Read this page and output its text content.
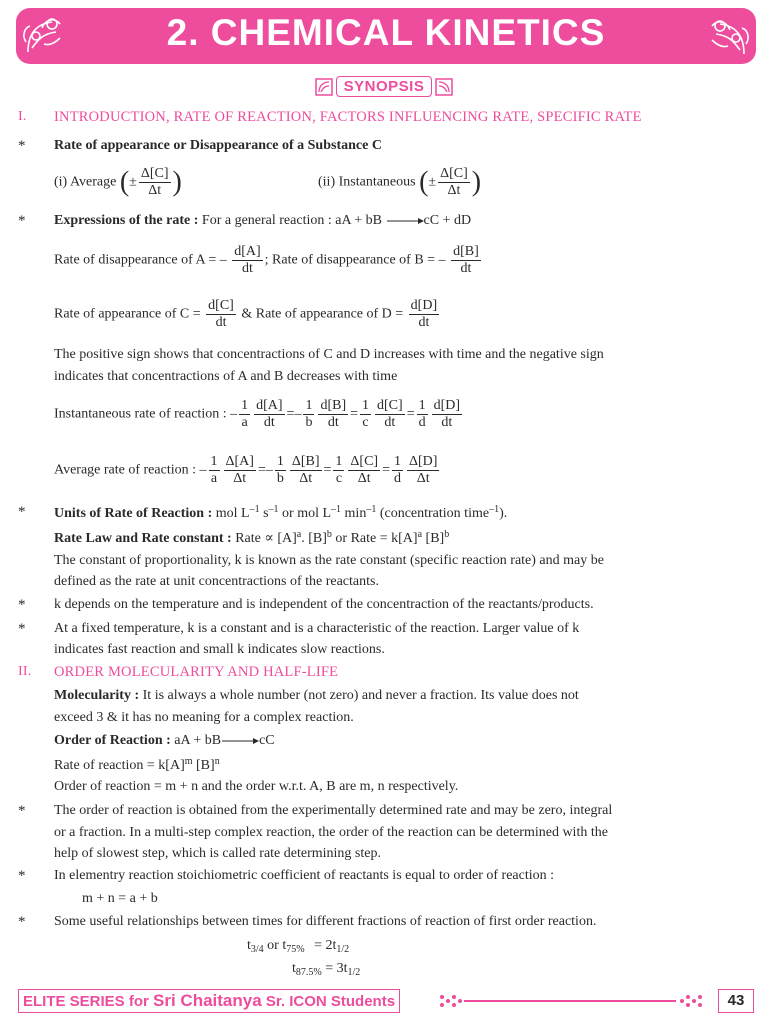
2. CHEMICAL KINETICS
SYNOPSIS
I. INTRODUCTION, RATE OF REACTION, FACTORS INFLUENCING RATE, SPECIFIC RATE
* Rate of appearance or Disappearance of a Substance C
(i) Average (± $\frac{\Delta[C]}{\Delta t}$ )	(ii) Instantaneous (± $\frac{\Delta[C]}{\Delta t}$ )
* Expressions of the rate : For a general reaction : aA + bB	cC + dD
Rate of disappearance of A = – $\frac{d[A]}{dt}$ ; Rate of disappearance of B = – $\frac{d[B]}{dt}$
Rate of appearance of $C = \frac{d[C]}{dt}$ & Rate of appearance of $D = \frac{d[D]}{dt}$
The positive sign shows that concentractions of C and D increases with time and the negative sign
indicates that concentractions of A and B decreases with time
Instantaneous rate of reaction : – $\frac{1}{a} \frac{d[A]}{dt} =- \frac{1}{b} \frac{d[B]}{dt} = \frac{1}{c} \frac{d[C]}{dt} = \frac{1}{d} \frac{d[D]}{dt}$
Average rate of reaction : – $\frac{1}{a} \frac{\Delta[A]}{\Delta t} =- \frac{1}{b} \frac{\Delta[B]}{\Delta t} = \frac{1}{c} \frac{\Delta[C]}{\Delta t} = \frac{1}{d} \frac{\Delta[D]}{\Delta t}$
* Units of Rate of Reaction : mol $L^{-1}$ $s^{-1}$ or mol $L^{-1}$ $\min^{-1}$ (concentration time$^{-1}$).
Rate Law and Rate constant : Rate ∝ $[A]^a$. $[B]^b$ or Rate = $k[A]^a$ $[B]^b$
The constant of proportionality, k is known as the rate constant (specific reaction rate) and may be
defined as the rate at unit concentractions of the reactants.
* k depends on the temperature and is independent of the concentraction of the reactants/products.
* At a fixed temperature, k is a constant and is a characteristic of the reaction. Larger value of k
indicates fast reaction and small k indicates slow reactions.
II. ORDER MOLECULARITY AND HALF-LIFE
Molecularity : It is always a whole number (not zero) and never a fraction. Its value does not
exceed 3 & it has no meaning for a complex reaction.
Order of Reaction : aA + bB	cC
Rate of reaction = $k[A]^m$ $[B]^n$
Order of reaction = m + n and the order w.r.t. A, B are m, n respectively.
* The order of reaction is obtained from the experimentally determined rate and may be zero, integral
or a fraction. In a multi-step complex reaction, the order of the reaction can be determined with the
help of slowest step, which is called rate determining step.
* In elementry reaction stoichiometric coefficient of reactants is equal to order of reaction :
m + n = a + b
* Some useful relationships between times for different fractions of reaction of first order reaction.
$t_{3/4}$ or $t_{75\%} = 2t_{1/2}$
$t_{87.5\%} = 3t_{1/2}$
ELITE SERIES for Sri Chaitanya Sr. ICON Students	43
